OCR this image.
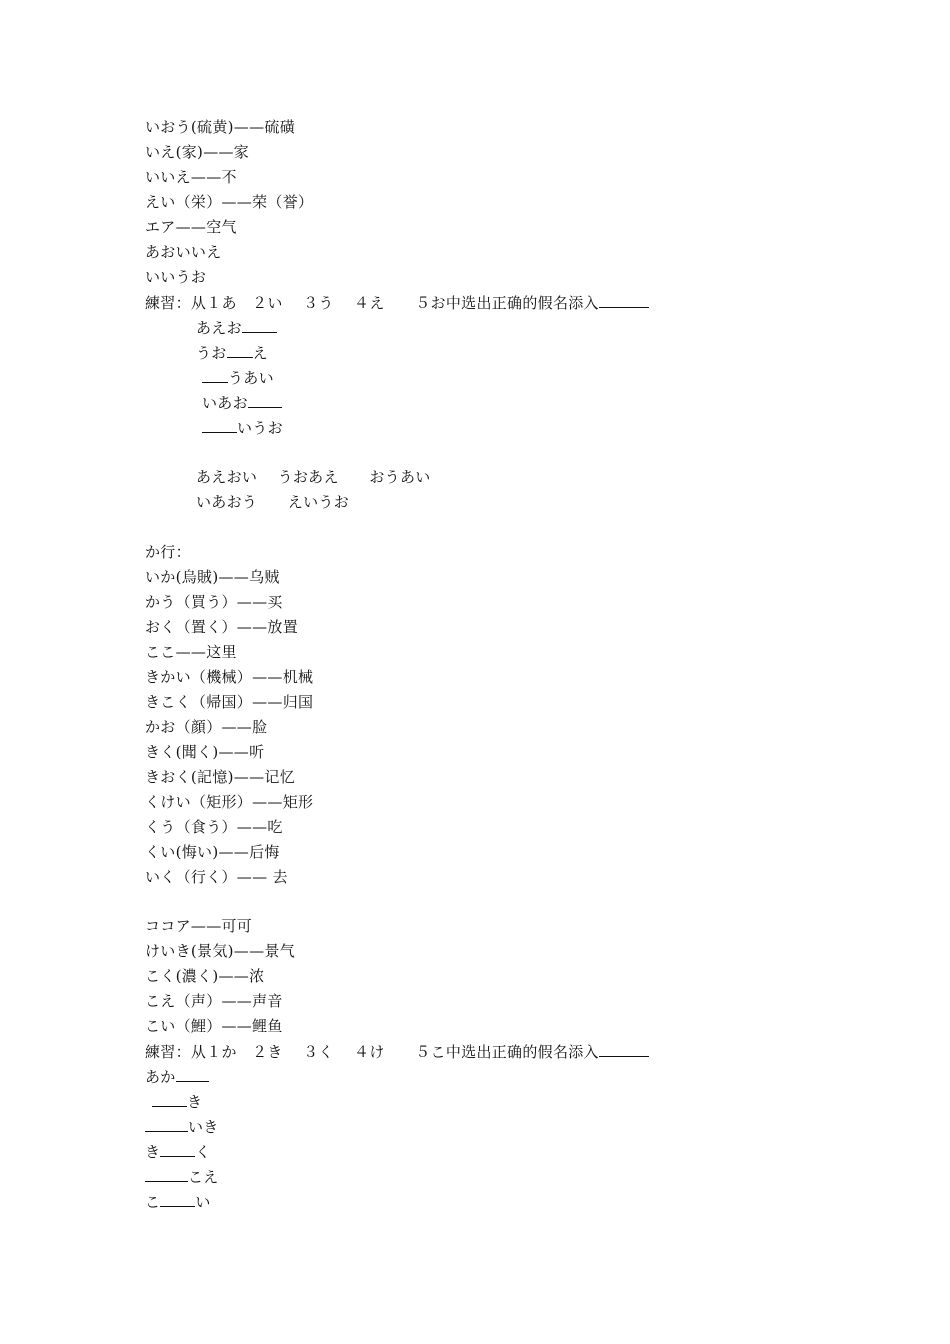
いおう(硫黄)——硫磺
いえ(家)——家
いいえ——不
えい（栄）——荣（誉）
エア——空气
あおいいえ
いいうお
練習：从１あ　２い　 ３う　 ４え　　５お中选出正确的假名添入
あえお
うお え
うあい
いあお
いうお
あえおい　 うおあえ　　おうあい
いあおう　　えいうお
か行：
いか(烏賊)——乌贼
かう（買う）——买
おく（置く）——放置
ここ——这里
きかい（機械）——机械
きこく（帰国）——归国
かお（顔）——脸
きく(聞く)——听
きおく(記憶)——记忆
くけい（矩形）——矩形
くう（食う）——吃
くい(悔い)——后悔
いく（行く）—— 去
ココア——可可
けいき(景気)——景气
こく(濃く)——浓
こえ（声）——声音
こい（鯉）——鲤鱼
練習：从１か　２き　 ３く　 ４け　　５こ中选出正确的假名添入
あか
き
いき
き く
こえ
こ い
